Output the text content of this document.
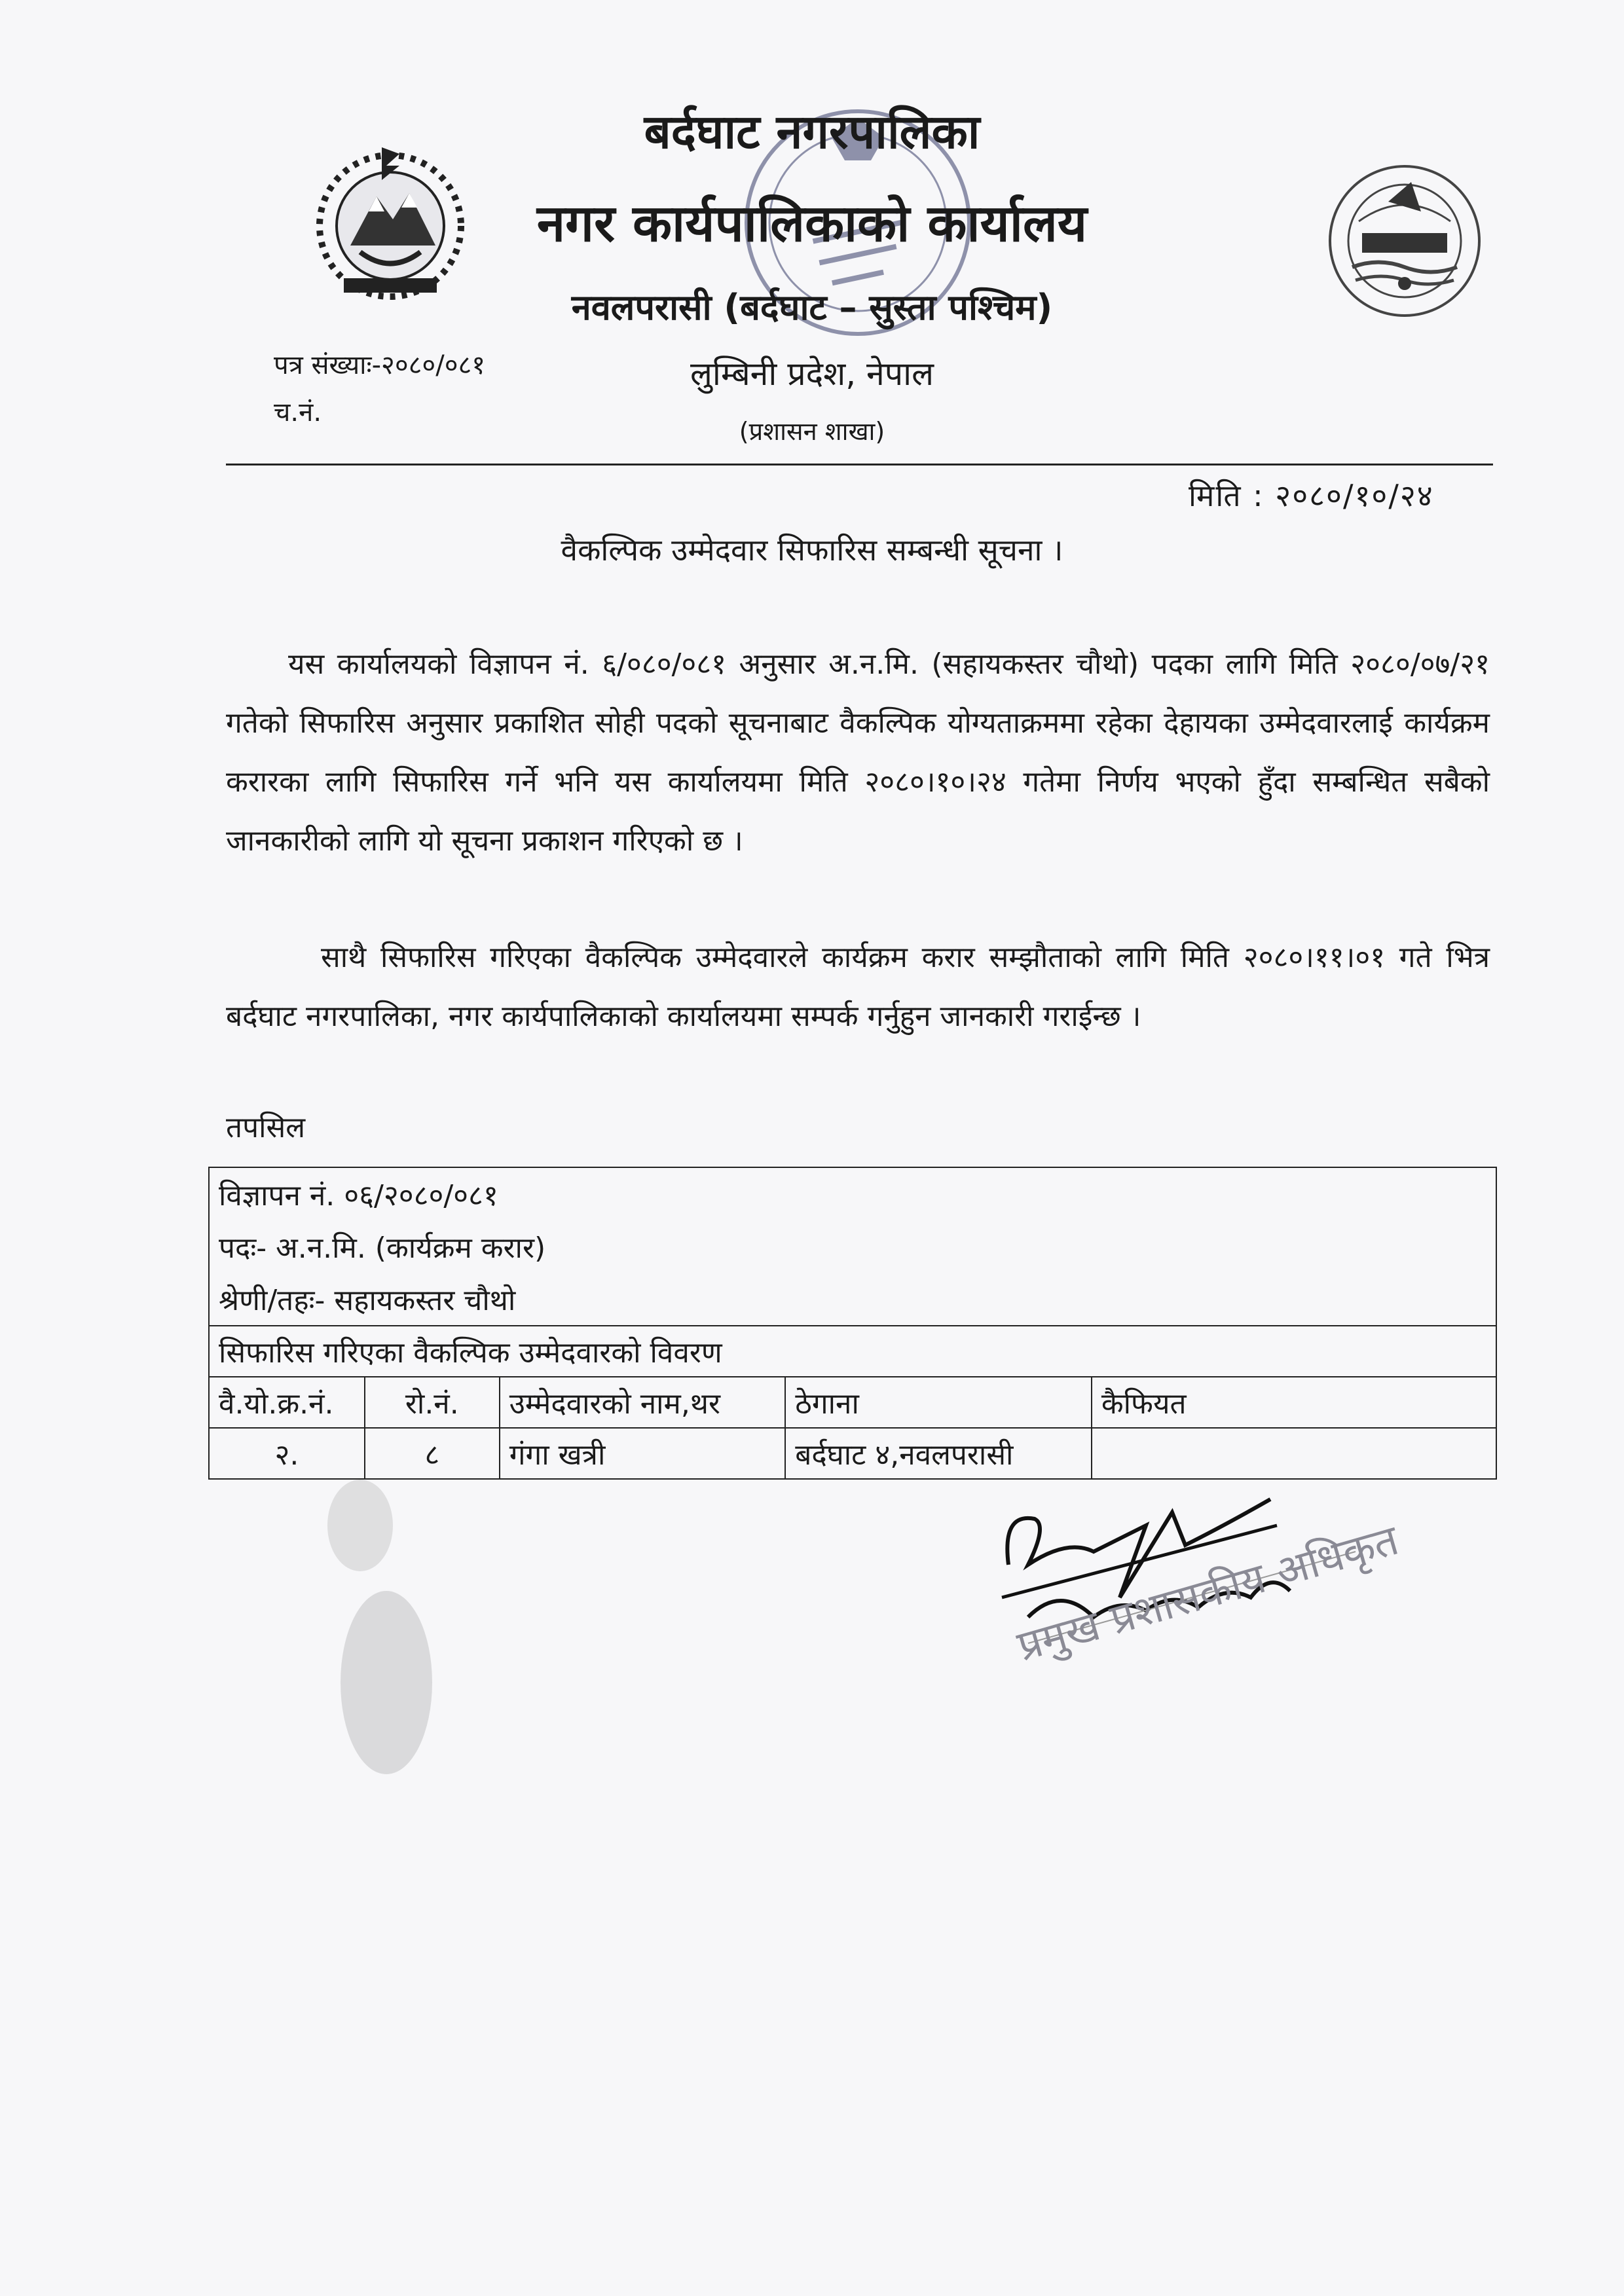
बर्दघाट नगरपालिका
नगर कार्यपालिकाको कार्यालय
नवलपरासी (बर्दघाट – सुस्ता पश्चिम)
लुम्बिनी प्रदेश, नेपाल
(प्रशासन शाखा)
पत्र संख्याः-२०८०/०८१
च.नं.
मिति : २०८०/१०/२४
वैकल्पिक उम्मेदवार सिफारिस सम्बन्धी सूचना ।
यस कार्यालयको विज्ञापन नं. ६/०८०/०८१ अनुसार अ.न.मि. (सहायकस्तर चौथो) पदका लागि मिति २०८०/०७/२१ गतेको सिफारिस अनुसार प्रकाशित सोही पदको सूचनाबाट वैकल्पिक योग्यताक्रममा रहेका देहायका उम्मेदवारलाई कार्यक्रम करारका लागि सिफारिस गर्ने भनि यस कार्यालयमा मिति २०८०।१०।२४ गतेमा निर्णय भएको हुँदा सम्बन्धित सबैको जानकारीको लागि यो सूचना प्रकाशन गरिएको छ ।
साथै सिफारिस गरिएका वैकल्पिक उम्मेदवारले कार्यक्रम करार सम्झौताको लागि मिति २०८०।११।०१ गते भित्र बर्दघाट नगरपालिका, नगर कार्यपालिकाको कार्यालयमा सम्पर्क गर्नुहुन जानकारी गराईन्छ ।
तपसिल
विज्ञापन नं. ०६/२०८०/०८१				
पदः- अ.न.मि. (कार्यक्रम करार)				
श्रेणी/तहः- सहायकस्तर चौथो				
सिफारिस गरिएका वैकल्पिक उम्मेदवारको विवरण				
वै.यो.क्र.नं.	रो.नं.	उम्मेदवारको नाम,थर	ठेगाना	कैफियत
२.	८	गंगा खत्री	बर्दघाट ४,नवलपरासी	
प्रमुख प्रशासकीय अधिकृत
